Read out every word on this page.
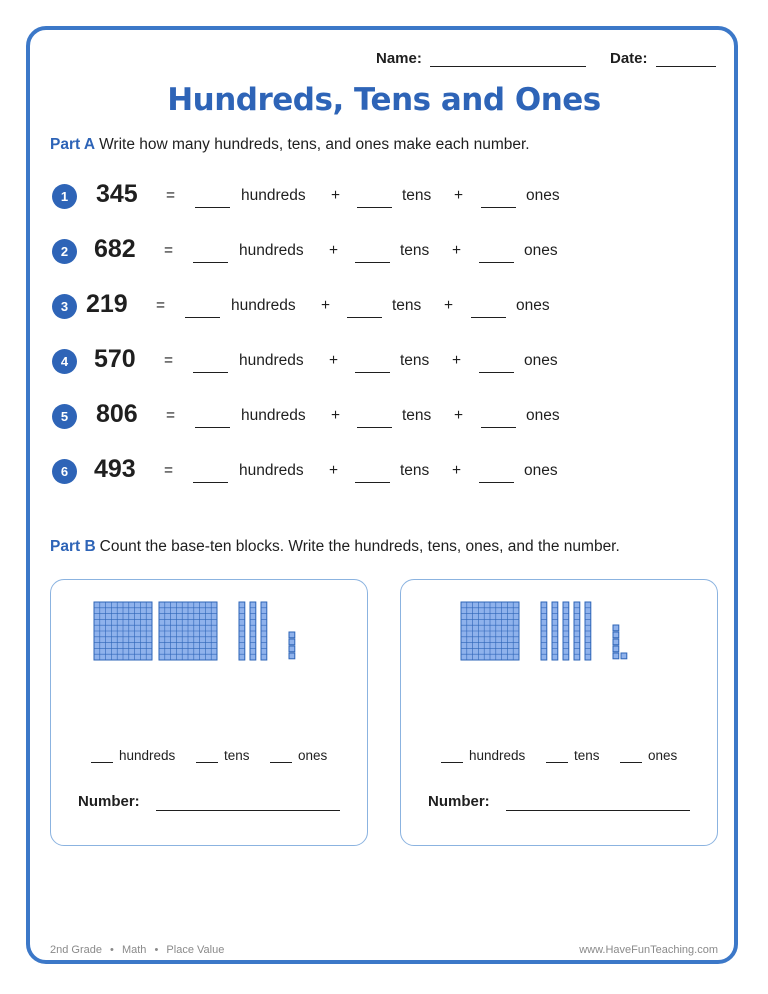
Name:	Date:
Hundreds, Tens and Ones
Part A Write how many hundreds, tens, and ones make each number.
1	345 =	hundreds +	tens +	ones
2	682 =	hundreds +	tens +	ones
3 219 =	hundreds +	tens +	ones
4	570 =	hundreds +	tens +	ones
5	806 =	hundreds +	tens +	ones
6	493 =	hundreds +	tens +	ones
Part B Count the base-ten blocks. Write the hundreds, tens, ones, and the number.
hundreds	tens	ones
Number:
hundreds	tens	ones
Number:
2nd Grade • Math • Place Value	www.HaveFunTeaching.com
